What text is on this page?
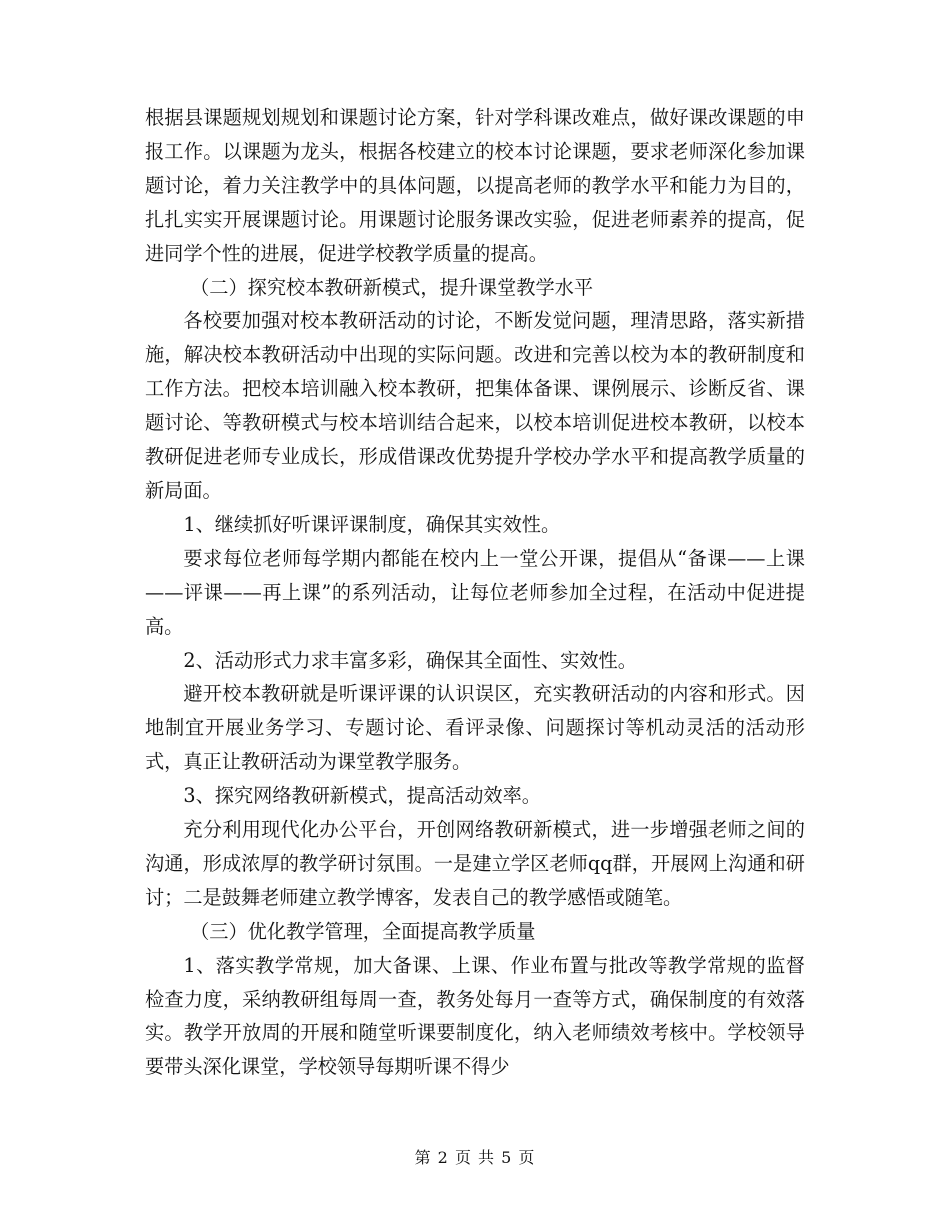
根据县课题规划规划和课题讨论方案，针对学科课改难点，做好课改课题的申报工作。以课题为龙头，根据各校建立的校本讨论课题，要求老师深化参加课题讨论，着力关注教学中的具体问题，以提高老师的教学水平和能力为目的，扎扎实实开展课题讨论。用课题讨论服务课改实验，促进老师素养的提高，促进同学个性的进展，促进学校教学质量的提高。

（二）探究校本教研新模式，提升课堂教学水平

各校要加强对校本教研活动的讨论，不断发觉问题，理清思路，落实新措施，解决校本教研活动中出现的实际问题。改进和完善以校为本的教研制度和工作方法。把校本培训融入校本教研，把集体备课、课例展示、诊断反省、课题讨论、等教研模式与校本培训结合起来，以校本培训促进校本教研，以校本教研促进老师专业成长，形成借课改优势提升学校办学水平和提高教学质量的新局面。

1、继续抓好听课评课制度，确保其实效性。

要求每位老师每学期内都能在校内上一堂公开课，提倡从“备课——上课——评课——再上课”的系列活动，让每位老师参加全过程，在活动中促进提高。

2、活动形式力求丰富多彩，确保其全面性、实效性。

避开校本教研就是听课评课的认识误区，充实教研活动的内容和形式。因地制宜开展业务学习、专题讨论、看评录像、问题探讨等机动灵活的活动形式，真正让教研活动为课堂教学服务。

3、探究网络教研新模式，提高活动效率。

充分利用现代化办公平台，开创网络教研新模式，进一步增强老师之间的沟通，形成浓厚的教学研讨氛围。一是建立学区老师qq群，开展网上沟通和研讨；二是鼓舞老师建立教学博客，发表自己的教学感悟或随笔。

（三）优化教学管理，全面提高教学质量

1、落实教学常规，加大备课、上课、作业布置与批改等教学常规的监督检查力度，采纳教研组每周一查，教务处每月一查等方式，确保制度的有效落实。教学开放周的开展和随堂听课要制度化，纳入老师绩效考核中。学校领导要带头深化课堂，学校领导每期听课不得少

第 2 页 共 5 页
